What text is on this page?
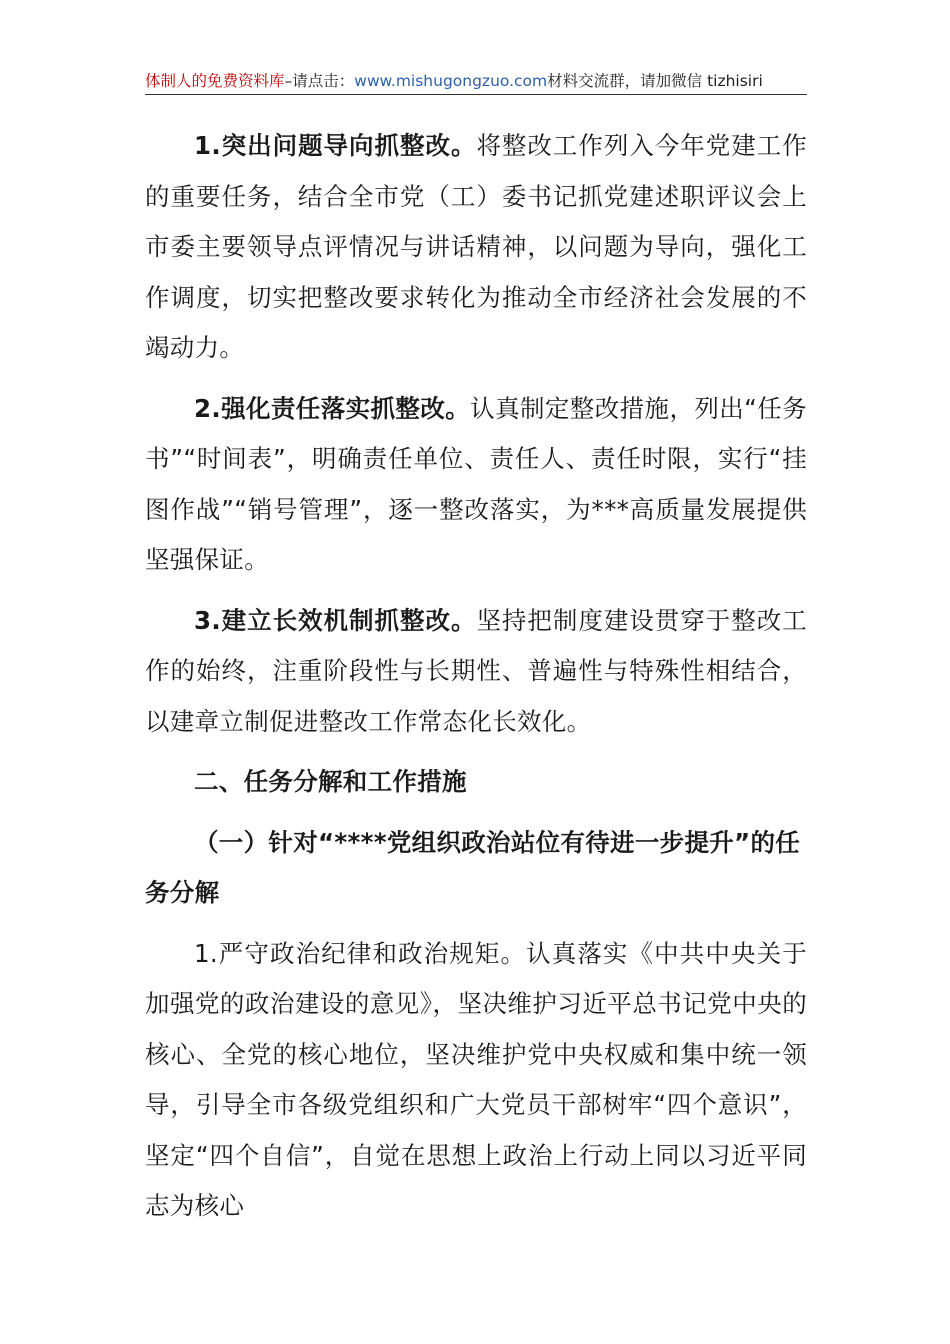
体制人的免费资料库–请点击：www.mishugongzuo.com材料交流群，请加微信 tizhisiri

1.突出问题导向抓整改。将整改工作列入今年党建工作的重要任务，结合全市党（工）委书记抓党建述职评议会上市委主要领导点评情况与讲话精神，以问题为导向，强化工作调度，切实把整改要求转化为推动全市经济社会发展的不竭动力。

2.强化责任落实抓整改。认真制定整改措施，列出“任务书”“时间表”，明确责任单位、责任人、责任时限，实行“挂图作战”“销号管理”，逐一整改落实，为***高质量发展提供坚强保证。

3.建立长效机制抓整改。坚持把制度建设贯穿于整改工作的始终，注重阶段性与长期性、普遍性与特殊性相结合，以建章立制促进整改工作常态化长效化。

二、任务分解和工作措施

（一）针对“****党组织政治站位有待进一步提升”的任务分解

1.严守政治纪律和政治规矩。认真落实《中共中央关于加强党的政治建设的意见》，坚决维护习近平总书记党中央的核心、全党的核心地位，坚决维护党中央权威和集中统一领导，引导全市各级党组织和广大党员干部树牢“四个意识”，坚定“四个自信”，自觉在思想上政治上行动上同以习近平同志为核心
